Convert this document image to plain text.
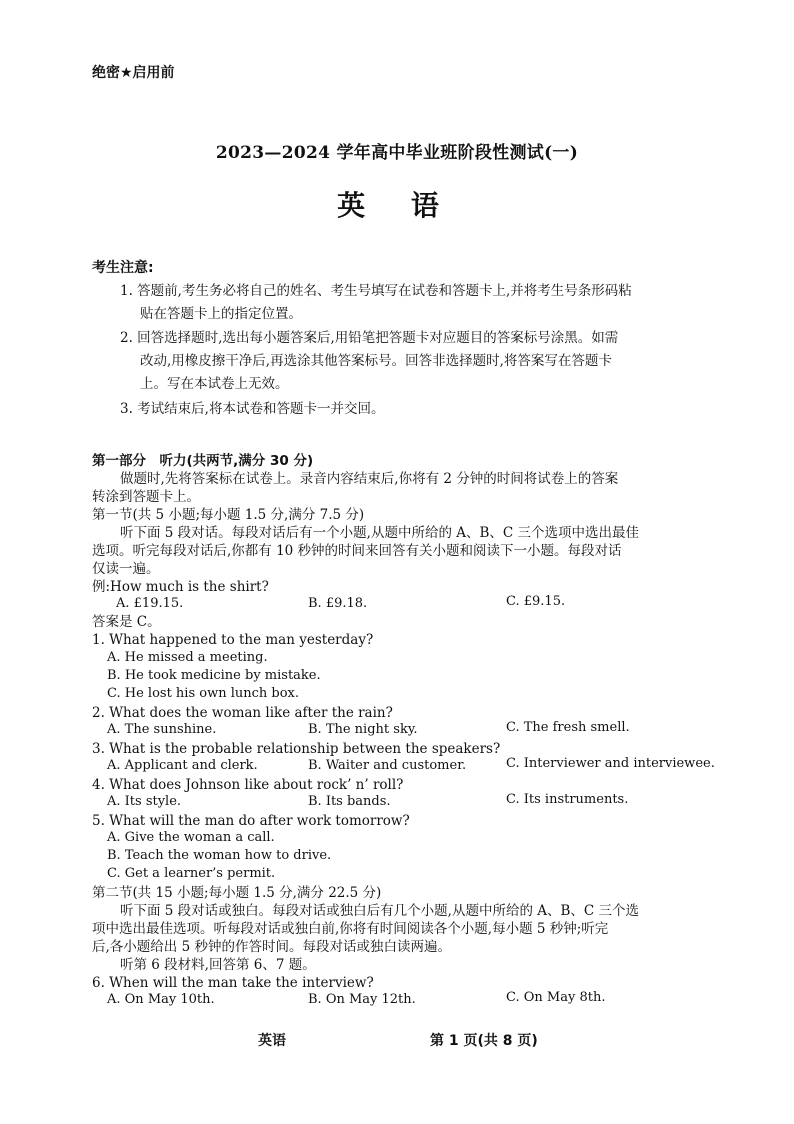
绝密★启用前
2023—2024 学年高中毕业班阶段性测试(一)
英 语
考生注意:
1. 答题前,考生务必将自己的姓名、考生号填写在试卷和答题卡上,并将考生号条形码粘
贴在答题卡上的指定位置。
2. 回答选择题时,选出每小题答案后,用铅笔把答题卡对应题目的答案标号涂黑。如需
改动,用橡皮擦干净后,再选涂其他答案标号。回答非选择题时,将答案写在答题卡
上。写在本试卷上无效。
3. 考试结束后,将本试卷和答题卡一并交回。
第一部分　听力(共两节,满分 30 分)
做题时,先将答案标在试卷上。录音内容结束后,你将有 2 分钟的时间将试卷上的答案
转涂到答题卡上。
第一节(共 5 小题;每小题 1.5 分,满分 7.5 分)
听下面 5 段对话。每段对话后有一个小题,从题中所给的 A、B、C 三个选项中选出最佳
选项。听完每段对话后,你都有 10 秒钟的时间来回答有关小题和阅读下一小题。每段对话
仅读一遍。
例:How much is the shirt?
A. £19.15.	B. £9.18.	C. £9.15.
答案是 C。
1. What happened to the man yesterday?
A. He missed a meeting.
B. He took medicine by mistake.
C. He lost his own lunch box.
2. What does the woman like after the rain?
A. The sunshine.	B. The night sky.	C. The fresh smell.
3. What is the probable relationship between the speakers?
A. Applicant and clerk.	B. Waiter and customer.	C. Interviewer and interviewee.
4. What does Johnson like about rock’ n’ roll?
A. Its style.	B. Its bands.	C. Its instruments.
5. What will the man do after work tomorrow?
A. Give the woman a call.
B. Teach the woman how to drive.
C. Get a learner’s permit.
第二节(共 15 小题;每小题 1.5 分,满分 22.5 分)
听下面 5 段对话或独白。每段对话或独白后有几个小题,从题中所给的 A、B、C 三个选
项中选出最佳选项。听每段对话或独白前,你将有时间阅读各个小题,每小题 5 秒钟;听完
后,各小题给出 5 秒钟的作答时间。每段对话或独白读两遍。
听第 6 段材料,回答第 6、7 题。
6. When will the man take the interview?
A. On May 10th.	B. On May 12th.	C. On May 8th.
英语	第 1 页(共 8 页)
